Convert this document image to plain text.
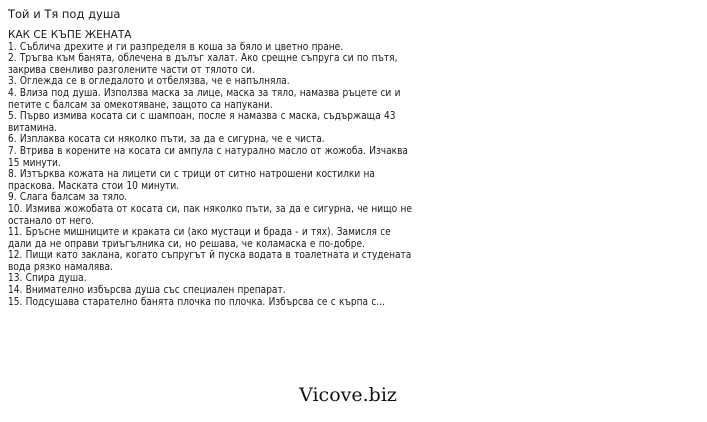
Той и Тя под душа
КАК СЕ КЪПЕ ЖЕНАТА
1. Съблича дрехите и ги разпределя в коша за бяло и цветно пране.
2. Тръгва към банята, облечена в дълъг халат. Ако срещне съпруга си по пътя, закрива свенливо разголените части от тялото си.
3. Оглежда се в огледалото и отбелязва, че е напълняла.
4. Влиза под душа. Използва маска за лице, маска за тяло, намазва ръцете си и петите с балсам за омекотяване, защото са напукани.
5. Първо измива косата си с шампоан, после я намазва с маска, съдържаща 43 витамина.
6. Изплаква косата си няколко пъти, за да е сигурна, че е чиста.
7. Втрива в корените на косата си ампула с натурално масло от жожоба. Изчаква 15 минути.
8. Изтърква кожата на лицети си с трици от ситно натрошени костилки на праскова. Маската стои 10 минути.
9. Слага балсам за тяло.
10. Измива жожобата от косата си, пак няколко пъти, за да е сигурна, че нищо не останало от него.
11. Бръсне мишниците и краката си (ако мустаци и брада - и тях). Замисля се дали да не оправи триъгълника си, но решава, че коламаска е по-добре.
12. Пищи като заклана, когато съпругът й пуска водата в тоалетната и студената вода рязко намалява.
13. Спира душа.
14. Внимателно избърсва душа със специален препарат.
15. Подсушава старателно банята плочка по плочка. Избърсва се с кърпа с...
Vicove.biz
